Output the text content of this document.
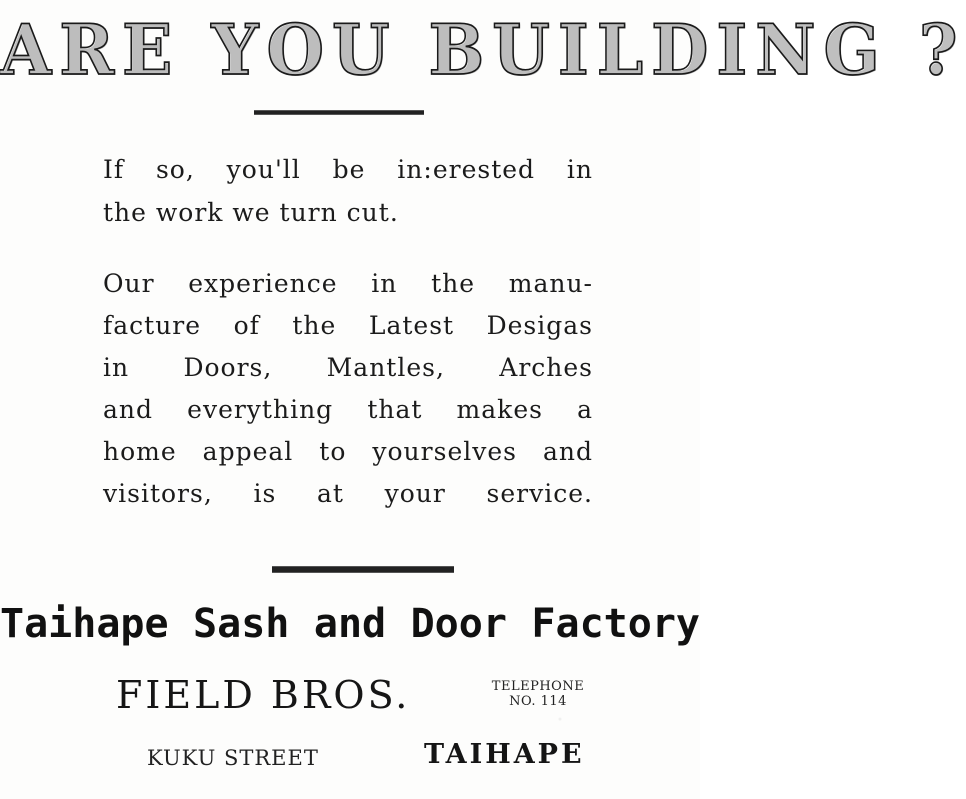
ARE YOU BUILDING ?
If so, you'll be in:erested in
the work we turn cut.
Our experience in the manu-
facture of the Latest Desigas
in Doors, Mantles, Arches
and everything that makes a
home appeal to yourselves and
visitors, is at your service.
Taihape Sash and Door Factory
FIELD BROS.	TELEPHONE
NO. 114
KUKU STREET	TAIHAPE
